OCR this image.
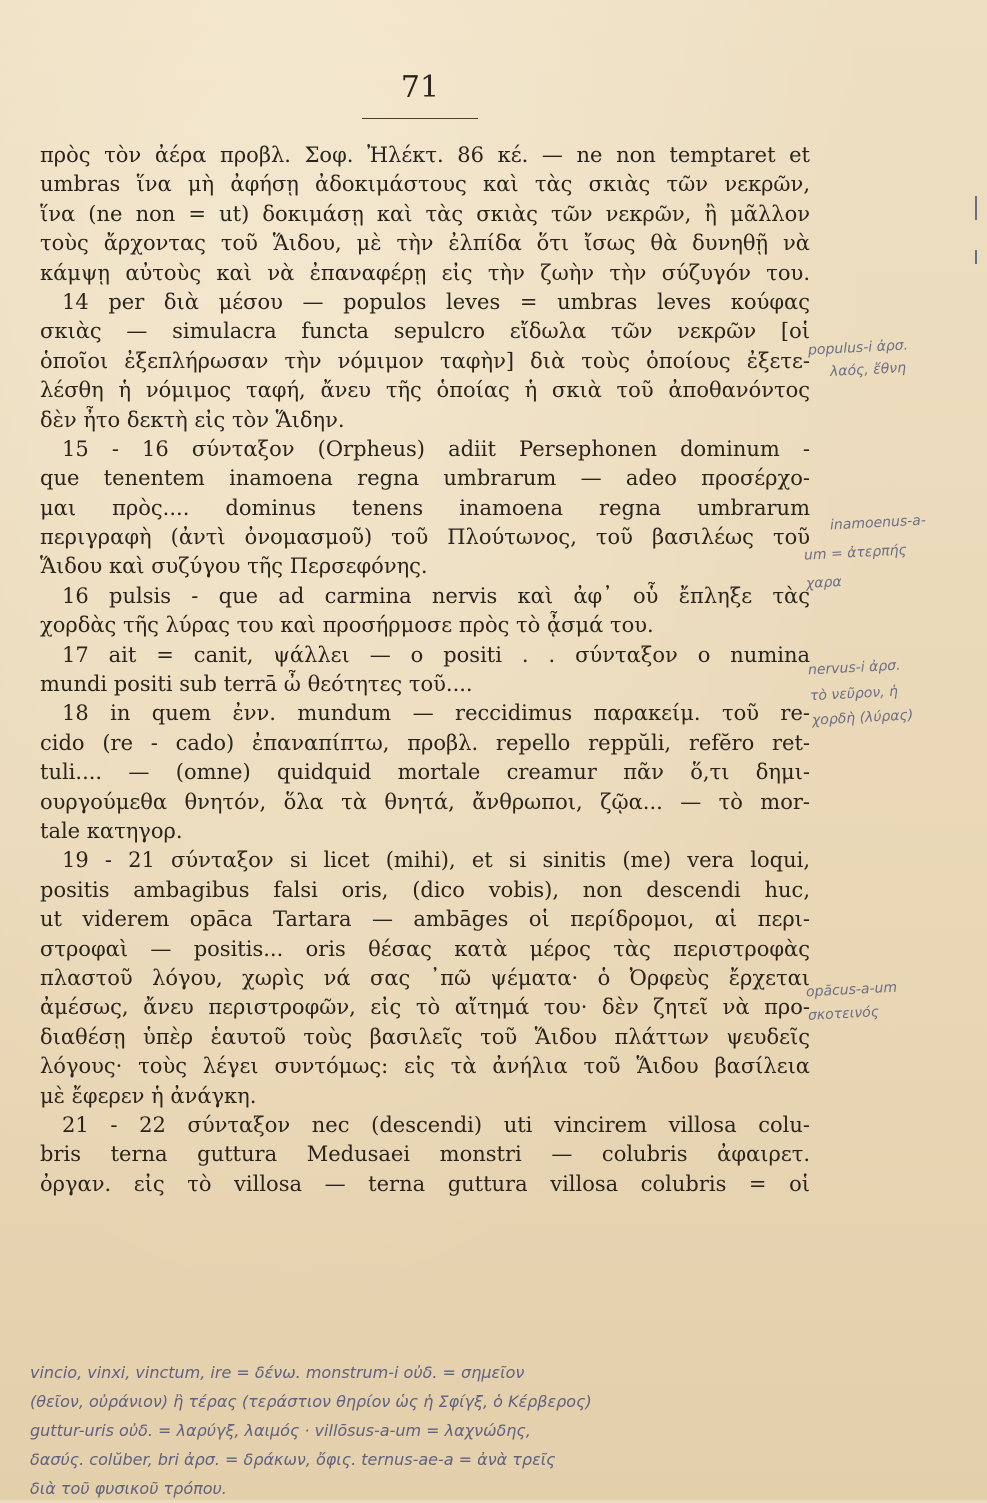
71
πρὸς τὸν ἀέρα προβλ. Σοφ. Ἠλέκτ. 86 κέ. — ne non temptaret et
umbras ἵνα μὴ ἀφήσῃ ἀδοκιμάστους καὶ τὰς σκιὰς τῶν νεκρῶν,
ἵνα (ne non = ut) δοκιμάσῃ καὶ τὰς σκιὰς τῶν νεκρῶν, ἢ μᾶλλον
τοὺς ἄρχοντας τοῦ Ἅιδου, μὲ τὴν ἐλπίδα ὅτι ἴσως θὰ δυνηθῇ νὰ
κάμψῃ αὐτοὺς καὶ νὰ ἐπαναφέρῃ εἰς τὴν ζωὴν τὴν σύζυγόν του.
14 per διὰ μέσου — populos leves = umbras leves κούφας
σκιὰς — simulacra functa sepulcro εἴδωλα τῶν νεκρῶν [οἱ
ὁποῖοι ἐξεπλήρωσαν τὴν νόμιμον ταφὴν] διὰ τοὺς ὁποίους ἐξετε-
λέσθη ἡ νόμιμος ταφή, ἄνευ τῆς ὁποίας ἡ σκιὰ τοῦ ἀποθανόντος
δὲν ἦτο δεκτὴ εἰς τὸν Ἅιδην.
15 - 16 σύνταξον (Orpheus) adiit Persephonen dominum -
que tenentem inamoena regna umbrarum — adeo προσέρχο-
μαι πρὸς.... dominus tenens inamoena regna umbrarum
περιγραφὴ (ἀντὶ ὀνομασμοῦ) τοῦ Πλούτωνος, τοῦ βασιλέως τοῦ
Ἅιδου καὶ συζύγου τῆς Περσεφόνης.
16 pulsis - que ad carmina nervis καὶ ἀφ᾽ οὗ ἔπληξε τὰς
χορδὰς τῆς λύρας του καὶ προσήρμοσε πρὸς τὸ ᾆσμά του.
17 ait = canit, ψάλλει — o positi . . σύνταξον o numina
mundi positi sub terrā ὦ θεότητες τοῦ....
18 in quem ἐνν. mundum — reccidimus παρακείμ. τοῦ re-
cido (re - cado) ἐπαναπίπτω, προβλ. repello reppŭli, refĕro ret-
tuli.... — (omne) quidquid mortale creamur πᾶν ὅ,τι δημι-
ουργούμεθα θνητόν, ὅλα τὰ θνητά, ἄνθρωποι, ζῷα... — τὸ mor-
tale κατηγορ.
19 - 21 σύνταξον si licet (mihi), et si sinitis (me) vera loqui,
positis ambagibus falsi oris, (dico vobis), non descendi huc,
ut viderem opāca Tartara — ambāges οἱ περίδρομοι, αἱ περι-
στροφαὶ — positis... oris θέσας κατὰ μέρος τὰς περιστροφὰς
πλαστοῦ λόγου, χωρὶς νά σας ᾽πῶ ψέματα· ὁ Ὀρφεὺς ἔρχεται
ἀμέσως, ἄνευ περιστροφῶν, εἰς τὸ αἴτημά του· δὲν ζητεῖ νὰ προ-
διαθέσῃ ὑπὲρ ἑαυτοῦ τοὺς βασιλεῖς τοῦ Ἅιδου πλάττων ψευδεῖς
λόγους· τοὺς λέγει συντόμως: εἰς τὰ ἀνήλια τοῦ Ἅιδου βασίλεια
μὲ ἔφερεν ἡ ἀνάγκη.
21 - 22 σύνταξον nec (descendi) uti vincirem villosa colu-
bris terna guttura Medusaei monstri — colubris ἀφαιρετ.
ὀργαν. εἰς τὸ villosa — terna guttura villosa colubris = οἱ
populus-i ἀρσ.
λαός, ἔθνη
inamoenus-a-
um = ἀτερπής
χαρα
nervus-i ἀρσ.
τὸ νεῦρον, ἡ
χορδὴ (λύρας)
opācus-a-um
σκοτεινός
vincio, vinxi, vinctum, ire = δένω. monstrum-i οὐδ. = σημεῖον
(θεῖον, οὐράνιον) ἢ τέρας (τεράστιον θηρίον ὡς ἡ Σφίγξ, ὁ Κέρβερος)
guttur-uris οὐδ. = λαρύγξ, λαιμός · villōsus-a-um = λαχνώδης,
δασύς. colŭber, bri ἀρσ. = δράκων, ὄφις. ternus-ae-a = ἀνὰ τρεῖς
διὰ τοῦ φυσικοῦ τρόπου.
